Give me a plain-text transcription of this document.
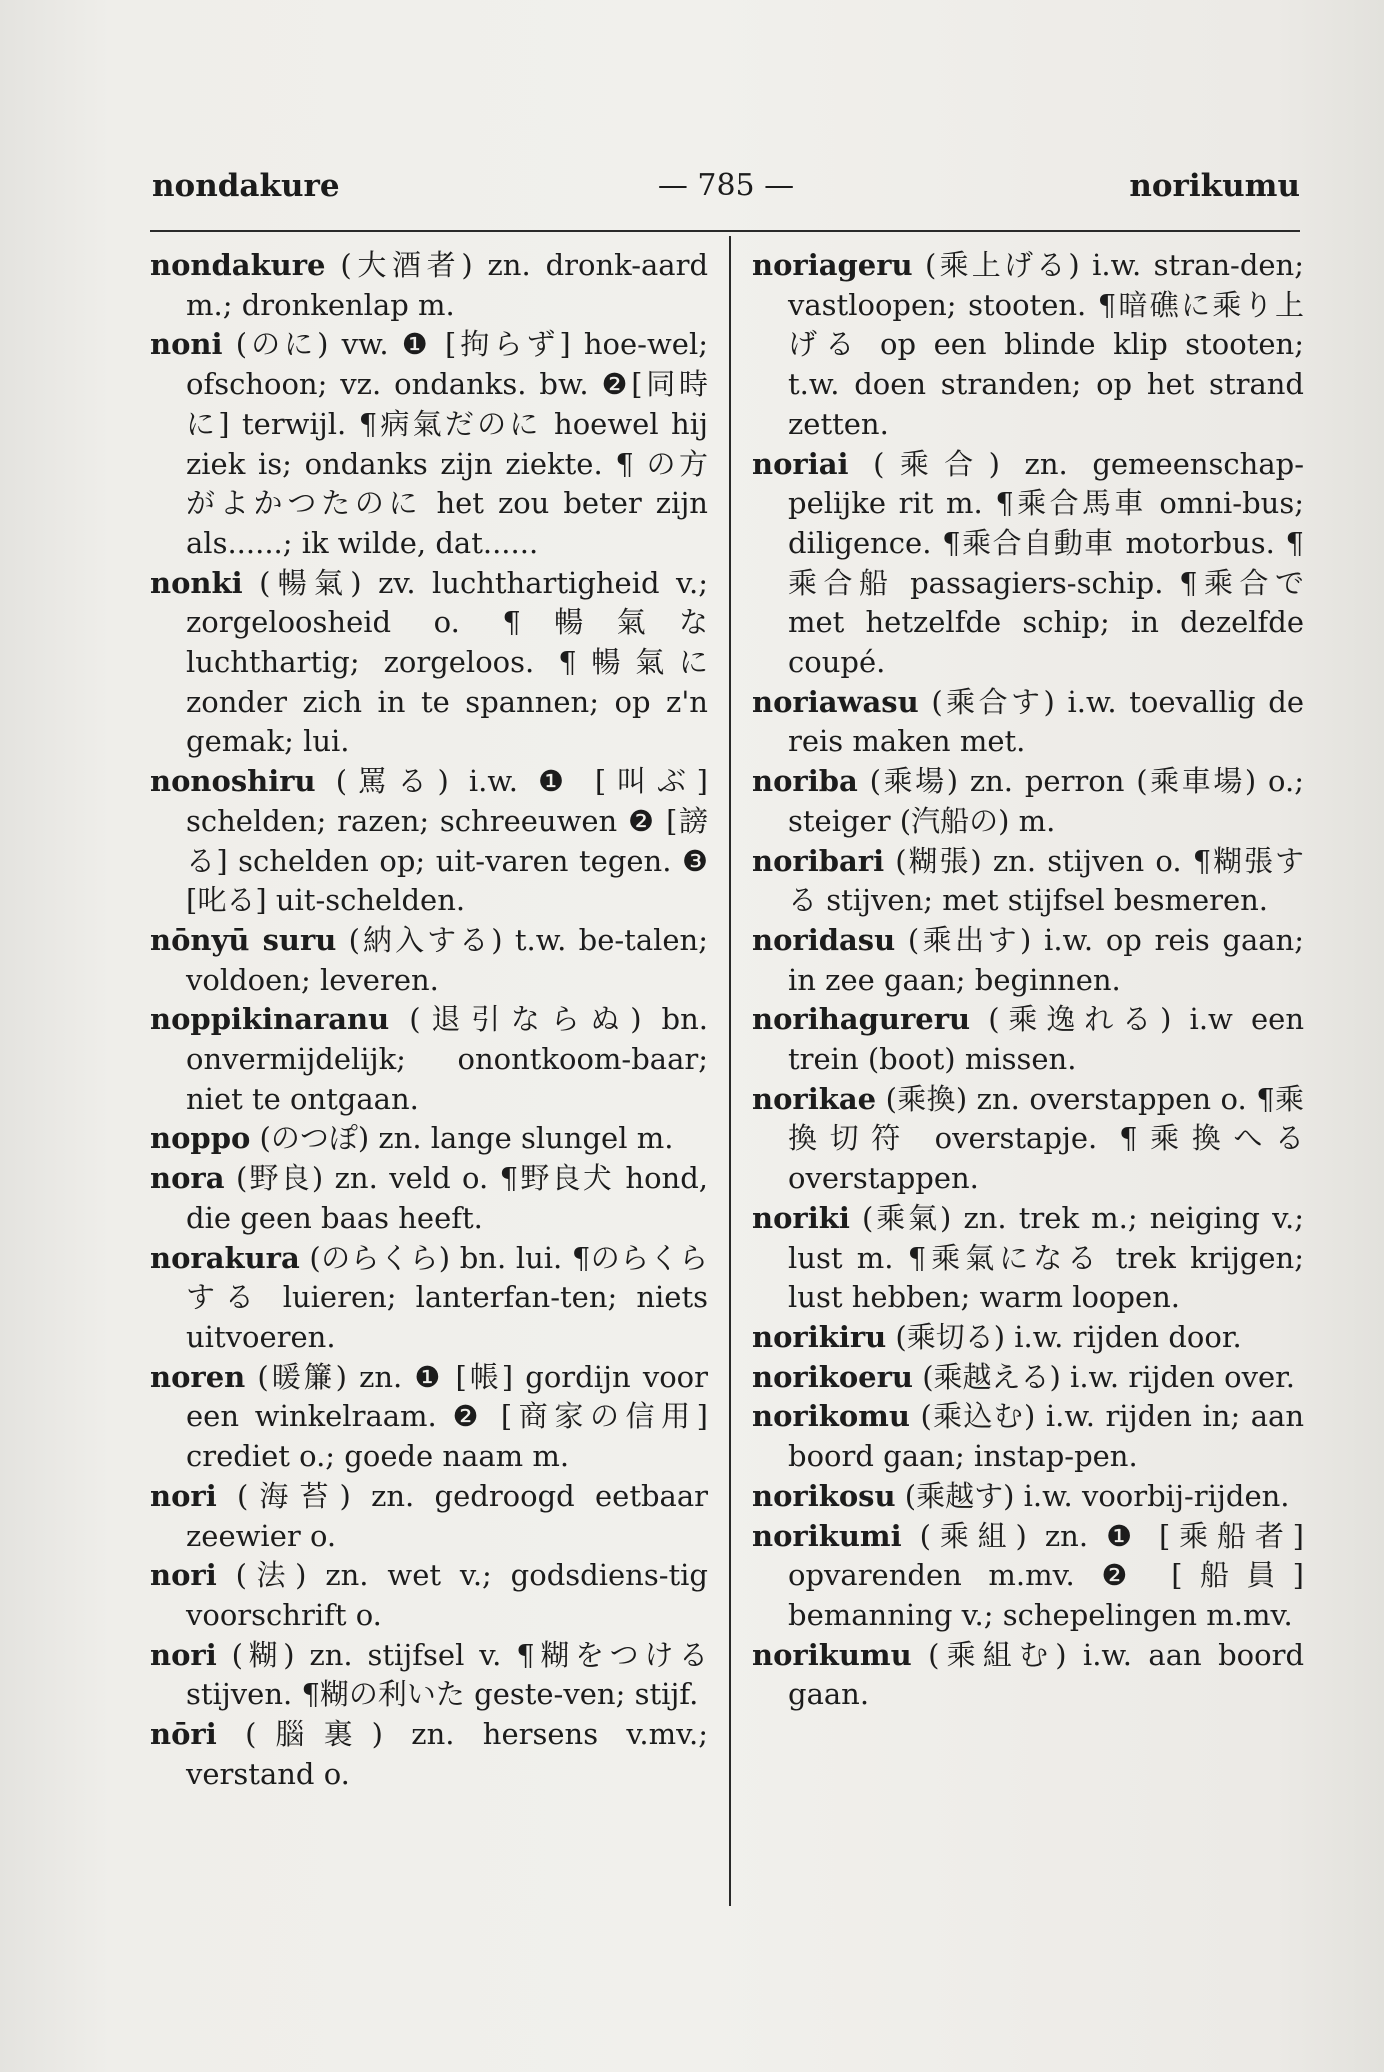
nondakure	— 785 —	norikumu
nondakure (大酒者) zn. dronk-aard m.; dronkenlap m.
noni (のに) vw. ❶ [拘らず] hoe-wel; ofschoon; vz. ondanks. bw. ❷[同時に] terwijl. ¶病氣だのに hoewel hij ziek is; ondanks zijn ziekte. ¶ の方がよかつたのに het zou beter zijn als......; ik wilde, dat......
nonki (暢氣) zv. luchthartigheid v.; zorgeloosheid o. ¶暢氣な luchthartig; zorgeloos. ¶暢氣に zonder zich in te spannen; op z'n gemak; lui.
nonoshiru (罵る) i.w. ❶ [叫ぶ] schelden; razen; schreeuwen ❷ [謗る] schelden op; uit-varen tegen. ❸ [叱る] uit-schelden.
nōnyū suru (納入する) t.w. be-talen; voldoen; leveren.
noppikinaranu (退引ならぬ) bn. onvermijdelijk; onontkoom-baar; niet te ontgaan.
noppo (のつぽ) zn. lange slungel m.
nora (野良) zn. veld o. ¶野良犬 hond, die geen baas heeft.
norakura (のらくら) bn. lui. ¶のらくらする luieren; lanterfan-ten; niets uitvoeren.
noren (暖簾) zn. ❶ [帳] gordijn voor een winkelraam. ❷ [商家の信用] crediet o.; goede naam m.
nori (海苔) zn. gedroogd eetbaar zeewier o.
nori (法) zn. wet v.; godsdiens-tig voorschrift o.
nori (糊) zn. stijfsel v. ¶糊をつける stijven. ¶糊の利いた geste-ven; stijf.
nōri (腦裏) zn. hersens v.mv.; verstand o.
noriageru (乘上げる) i.w. stran-den; vastloopen; stooten. ¶暗礁に乘り上げる op een blinde klip stooten; t.w. doen stranden; op het strand zetten.
noriai (乘合) zn. gemeenschap-pelijke rit m. ¶乘合馬車 omni-bus; diligence. ¶乘合自動車 motorbus. ¶乘合船 passagiers-schip. ¶乘合で met hetzelfde schip; in dezelfde coupé.
noriawasu (乘合す) i.w. toevallig de reis maken met.
noriba (乘場) zn. perron (乘車場) o.; steiger (汽船の) m.
noribari (糊張) zn. stijven o. ¶糊張する stijven; met stijfsel besmeren.
noridasu (乘出す) i.w. op reis gaan; in zee gaan; beginnen.
norihagureru (乘逸れる) i.w een trein (boot) missen.
norikae (乘換) zn. overstappen o. ¶乘換切符 overstapje. ¶乘換へる overstappen.
noriki (乘氣) zn. trek m.; neiging v.; lust m. ¶乘氣になる trek krijgen; lust hebben; warm loopen.
norikiru (乘切る) i.w. rijden door.
norikoeru (乘越える) i.w. rijden over.
norikomu (乘込む) i.w. rijden in; aan boord gaan; instap-pen.
norikosu (乘越す) i.w. voorbij-rijden.
norikumi (乘組) zn. ❶ [乘船者] opvarenden m.mv. ❷ [船員] bemanning v.; schepelingen m.mv.
norikumu (乘組む) i.w. aan boord gaan.
